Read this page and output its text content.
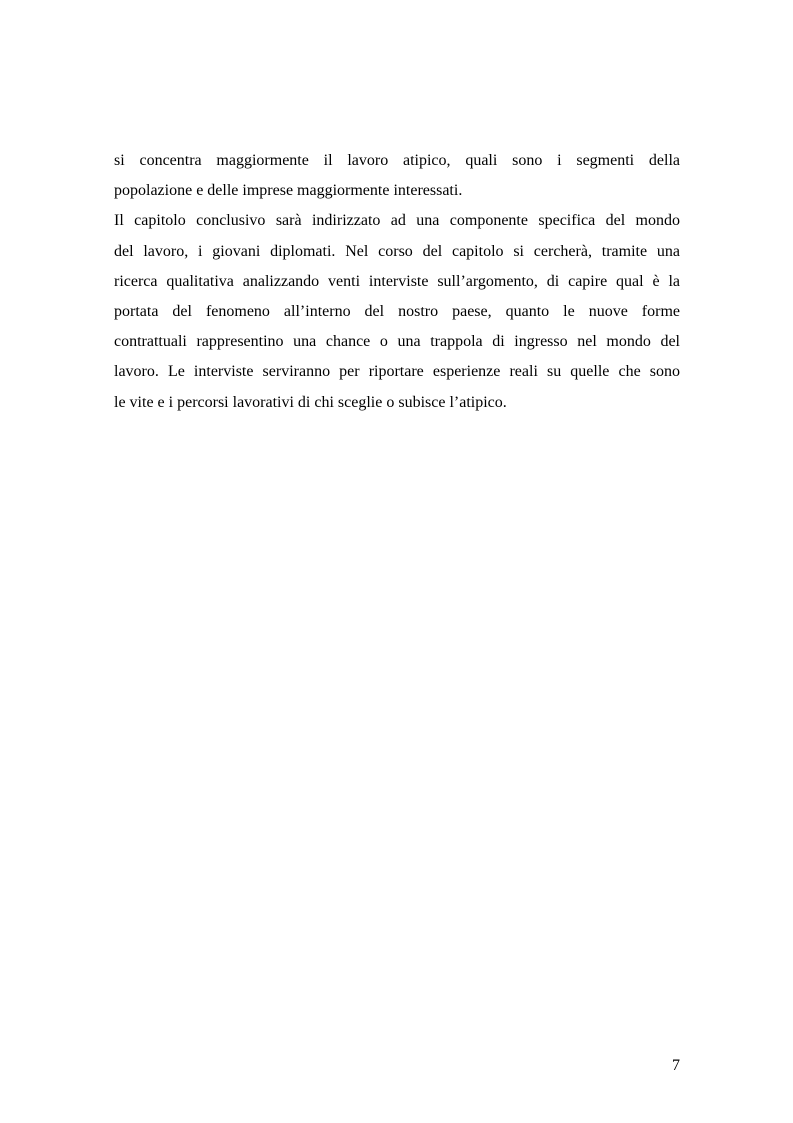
si concentra maggiormente il lavoro atipico, quali sono i segmenti della
popolazione e delle imprese maggiormente interessati.
Il capitolo conclusivo sarà indirizzato ad una componente specifica del mondo
del lavoro, i giovani diplomati. Nel corso del capitolo si cercherà, tramite una
ricerca qualitativa analizzando venti interviste sull’argomento, di capire qual è la
portata del fenomeno all’interno del nostro paese, quanto le nuove forme
contrattuali rappresentino una chance o una trappola di ingresso nel mondo del
lavoro. Le interviste serviranno per riportare esperienze reali su quelle che sono
le vite e i percorsi lavorativi di chi sceglie o subisce l’atipico.
7
